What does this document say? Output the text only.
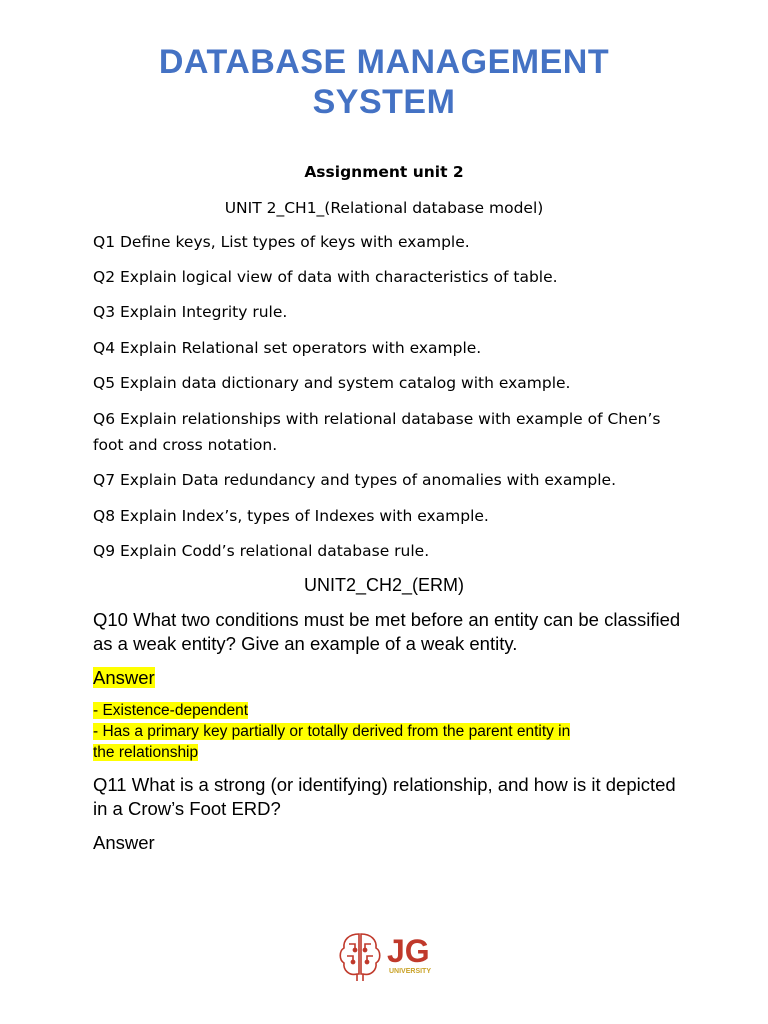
DATABASE MANAGEMENT
SYSTEM
Assignment unit 2
UNIT 2_CH1_(Relational database model)
Q1 Define keys, List types of keys with example.
Q2 Explain logical view of data with characteristics of table.
Q3 Explain Integrity rule.
Q4 Explain Relational set operators with example.
Q5 Explain data dictionary and system catalog with example.
Q6 Explain relationships with relational database with example of Chen’s foot and cross notation.
Q7 Explain Data redundancy and types of anomalies with example.
Q8 Explain Index’s, types of Indexes with example.
Q9 Explain Codd’s relational database rule.
UNIT2_CH2_(ERM)
Q10 What two conditions must be met before an entity can be classified as a weak entity? Give an example of a weak entity.
Answer
- Existence-dependent
- Has a primary key partially or totally derived from the parent entity in
the relationship
Q11 What is a strong (or identifying) relationship, and how is it depicted in a Crow’s Foot ERD?
Answer
JG
UNIVERSITY
